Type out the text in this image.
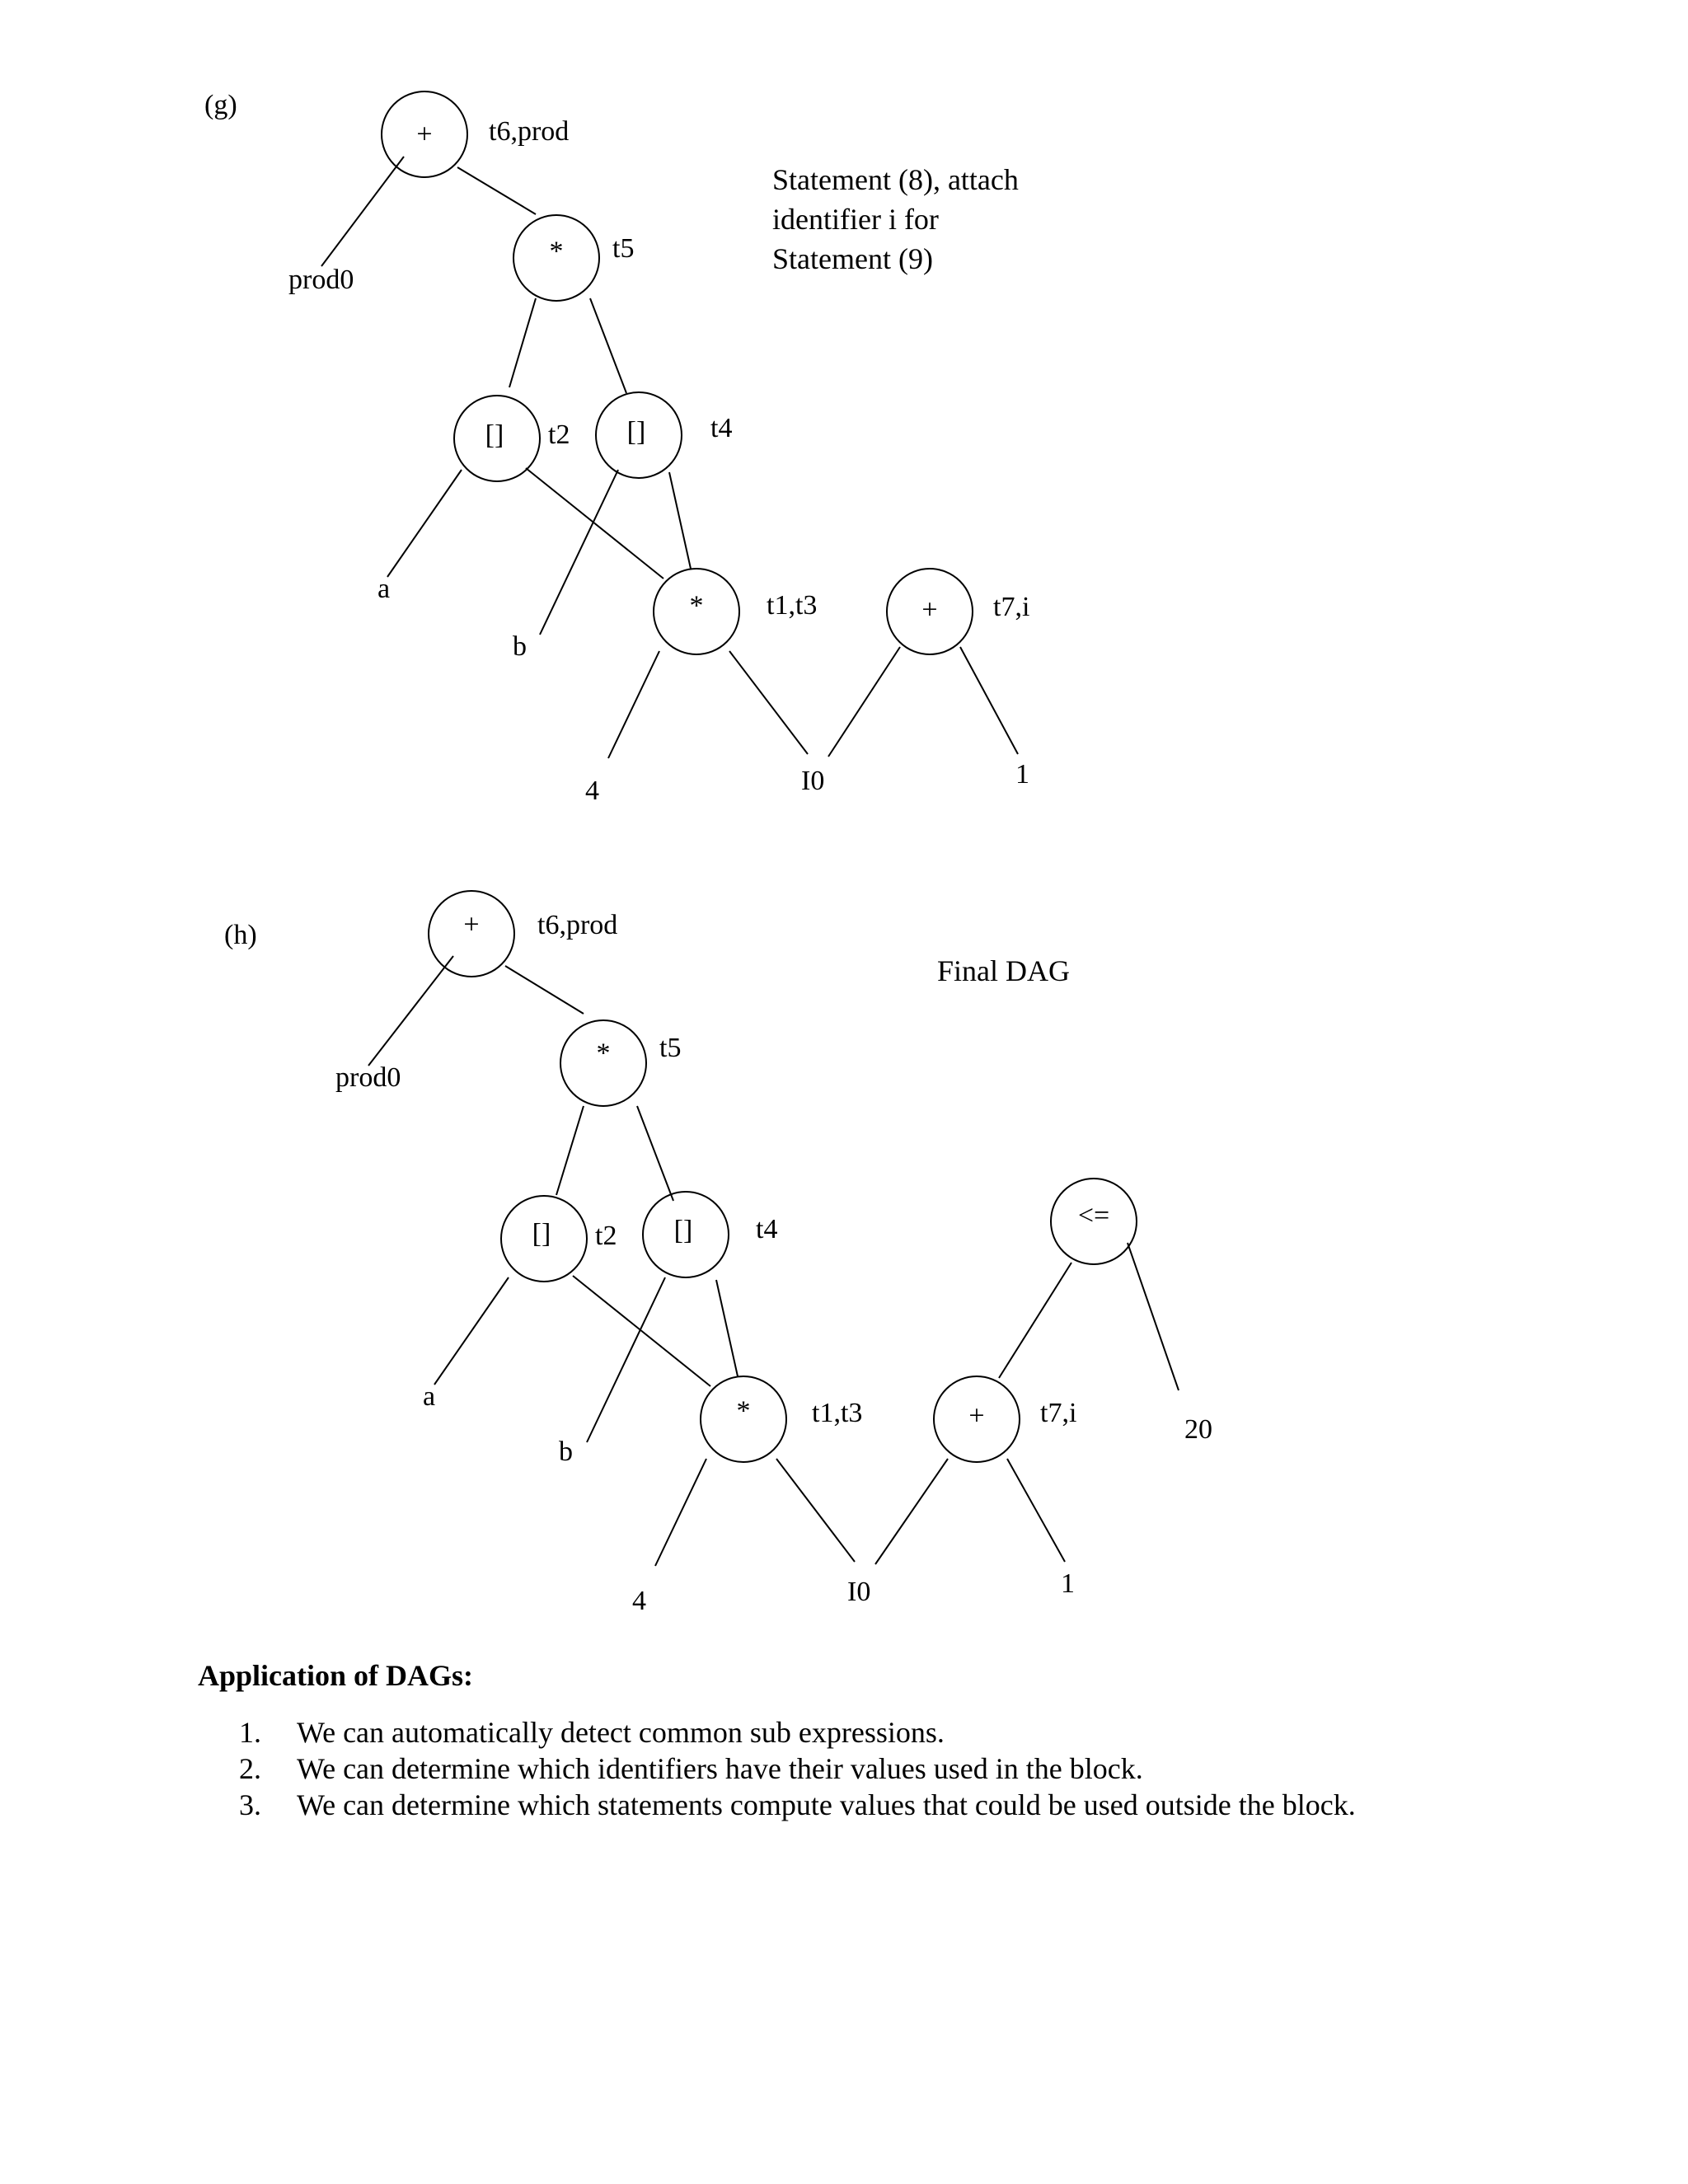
(g)
+ t6,prod
* t5
[] t2 [] t4
* t1,t3	+ t7,i
prod0
a
b
4	I0	1
Statement (8), attach identifier i for Statement (9)
(h)	+ t6,prod
* t5
[] t2 [] t4
* t1,t3	+ t7,i
<=
prod0
a
b
4	I0	1
20
Final DAG
Application of DAGs:
1. We can automatically detect common sub expressions.
2. We can determine which identifiers have their values used in the block.
3. We can determine which statements compute values that could be used outside the block.
